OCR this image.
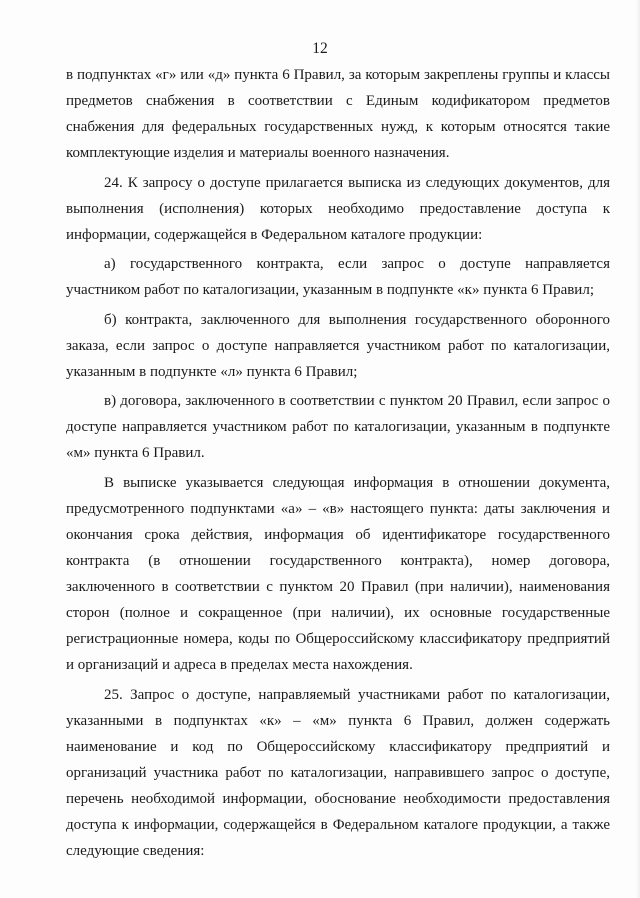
12

в подпунктах «г» или «д» пункта 6 Правил, за которым закреплены группы и классы предметов снабжения в соответствии с Единым кодификатором предметов снабжения для федеральных государственных нужд, к которым относятся такие комплектующие изделия и материалы военного назначения.

24. К запросу о доступе прилагается выписка из следующих документов, для выполнения (исполнения) которых необходимо предоставление доступа к информации, содержащейся в Федеральном каталоге продукции:

а) государственного контракта, если запрос о доступе направляется участником работ по каталогизации, указанным в подпункте «к» пункта 6 Правил;

б) контракта, заключенного для выполнения государственного оборонного заказа, если запрос о доступе направляется участником работ по каталогизации, указанным в подпункте «л» пункта 6 Правил;

в) договора, заключенного в соответствии с пунктом 20 Правил, если запрос о доступе направляется участником работ по каталогизации, указанным в подпункте «м» пункта 6 Правил.

В выписке указывается следующая информация в отношении документа, предусмотренного подпунктами «а» – «в» настоящего пункта: даты заключения и окончания срока действия, информация об идентификаторе государственного контракта (в отношении государственного контракта), номер договора, заключенного в соответствии с пунктом 20 Правил (при наличии), наименования сторон (полное и сокращенное (при наличии), их основные государственные регистрационные номера, коды по Общероссийскому классификатору предприятий и организаций и адреса в пределах места нахождения.

25. Запрос о доступе, направляемый участниками работ по каталогизации, указанными в подпунктах «к» – «м» пункта 6 Правил, должен содержать наименование и код по Общероссийскому классификатору предприятий и организаций участника работ по каталогизации, направившего запрос о доступе, перечень необходимой информации, обоснование необходимости предоставления доступа к информации, содержащейся в Федеральном каталоге продукции, а также следующие сведения:
